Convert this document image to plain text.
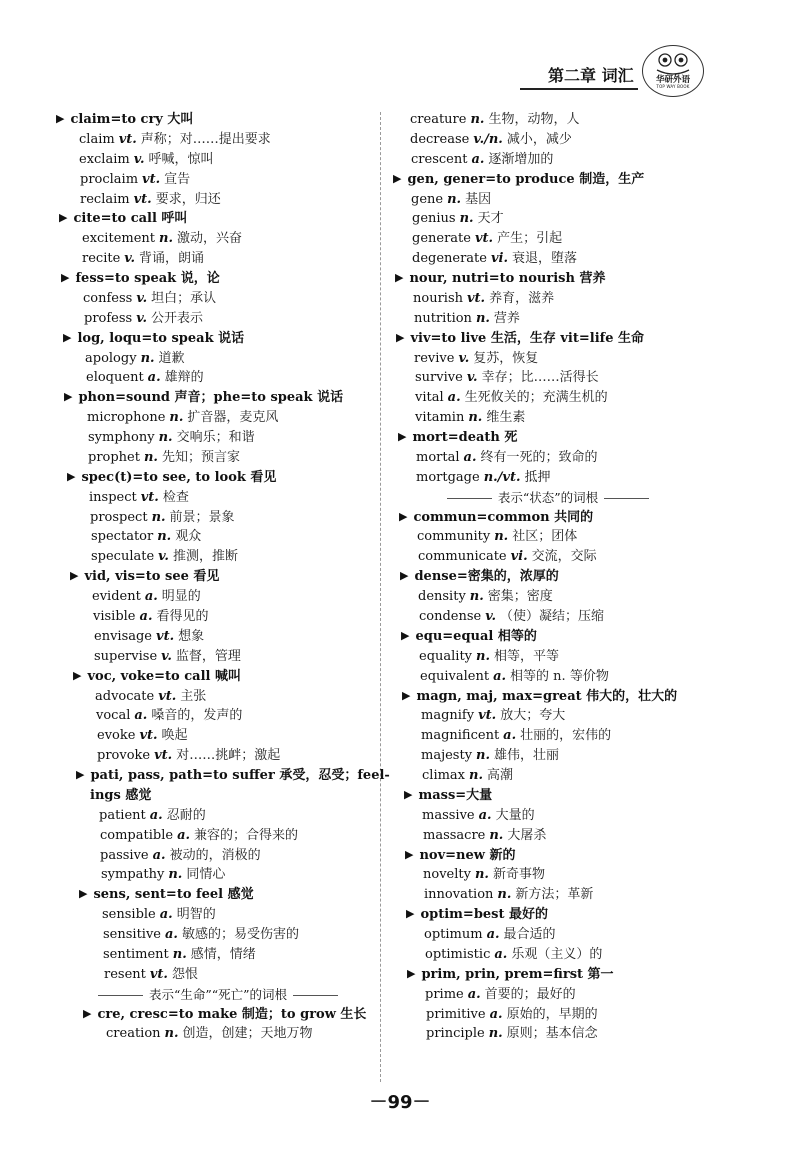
第二章 词汇	华研外语
TOP WAY BOOK
▶ claim=to cry 大叫
claim vt. 声称；对……提出要求
exclaim v. 呼喊，惊叫
proclaim vt. 宣告
reclaim vt. 要求，归还
▶ cite=to call 呼叫
excitement n. 激动，兴奋
recite v. 背诵，朗诵
▶ fess=to speak 说，论
confess v. 坦白；承认
profess v. 公开表示
▶ log, loqu=to speak 说话
apology n. 道歉
eloquent a. 雄辩的
▶ phon=sound 声音；phe=to speak 说话
microphone n. 扩音器，麦克风
symphony n. 交响乐；和谐
prophet n. 先知；预言家
▶ spec(t)=to see, to look 看见
inspect vt. 检查
prospect n. 前景；景象
spectator n. 观众
speculate v. 推测，推断
▶ vid, vis=to see 看见
evident a. 明显的
visible a. 看得见的
envisage vt. 想象
supervise v. 监督，管理
▶ voc, voke=to call 喊叫
advocate vt. 主张
vocal a. 嗓音的，发声的
evoke vt. 唤起
provoke vt. 对……挑衅；激起
▶ pati, pass, path=to suffer 承受，忍受；feel-
ings 感觉
patient a. 忍耐的
compatible a. 兼容的；合得来的
passive a. 被动的，消极的
sympathy n. 同情心
▶ sens, sent=to feel 感觉
sensible a. 明智的
sensitive a. 敏感的；易受伤害的
sentiment n. 感情，情绪
resent vt. 怨恨
表示“生命”“死亡”的词根
▶ cre, cresc=to make 制造；to grow 生长
creation n. 创造，创建；天地万物
creature n. 生物，动物，人
decrease v./n. 减小，减少
crescent a. 逐渐增加的
▶ gen, gener=to produce 制造，生产
gene n. 基因
genius n. 天才
generate vt. 产生；引起
degenerate vi. 衰退，堕落
▶ nour, nutri=to nourish 营养
nourish vt. 养育，滋养
nutrition n. 营养
▶ viv=to live 生活，生存 vit=life 生命
revive v. 复苏，恢复
survive v. 幸存；比……活得长
vital a. 生死攸关的；充满生机的
vitamin n. 维生素
▶ mort=death 死
mortal a. 终有一死的；致命的
mortgage n./vt. 抵押
表示“状态”的词根
▶ commun=common 共同的
community n. 社区；团体
communicate vi. 交流，交际
▶ dense=密集的，浓厚的
density n. 密集；密度
condense v. （使）凝结；压缩
▶ equ=equal 相等的
equality n. 相等，平等
equivalent a. 相等的 n. 等价物
▶ magn, maj, max=great 伟大的，壮大的
magnify vt. 放大；夸大
magnificent a. 壮丽的，宏伟的
majesty n. 雄伟，壮丽
climax n. 高潮
▶ mass=大量
massive a. 大量的
massacre n. 大屠杀
▶ nov=new 新的
novelty n. 新奇事物
innovation n. 新方法；革新
▶ optim=best 最好的
optimum a. 最合适的
optimistic a. 乐观（主义）的
▶ prim, prin, prem=first 第一
prime a. 首要的；最好的
primitive a. 原始的，早期的
principle n. 原则；基本信念
－99－
